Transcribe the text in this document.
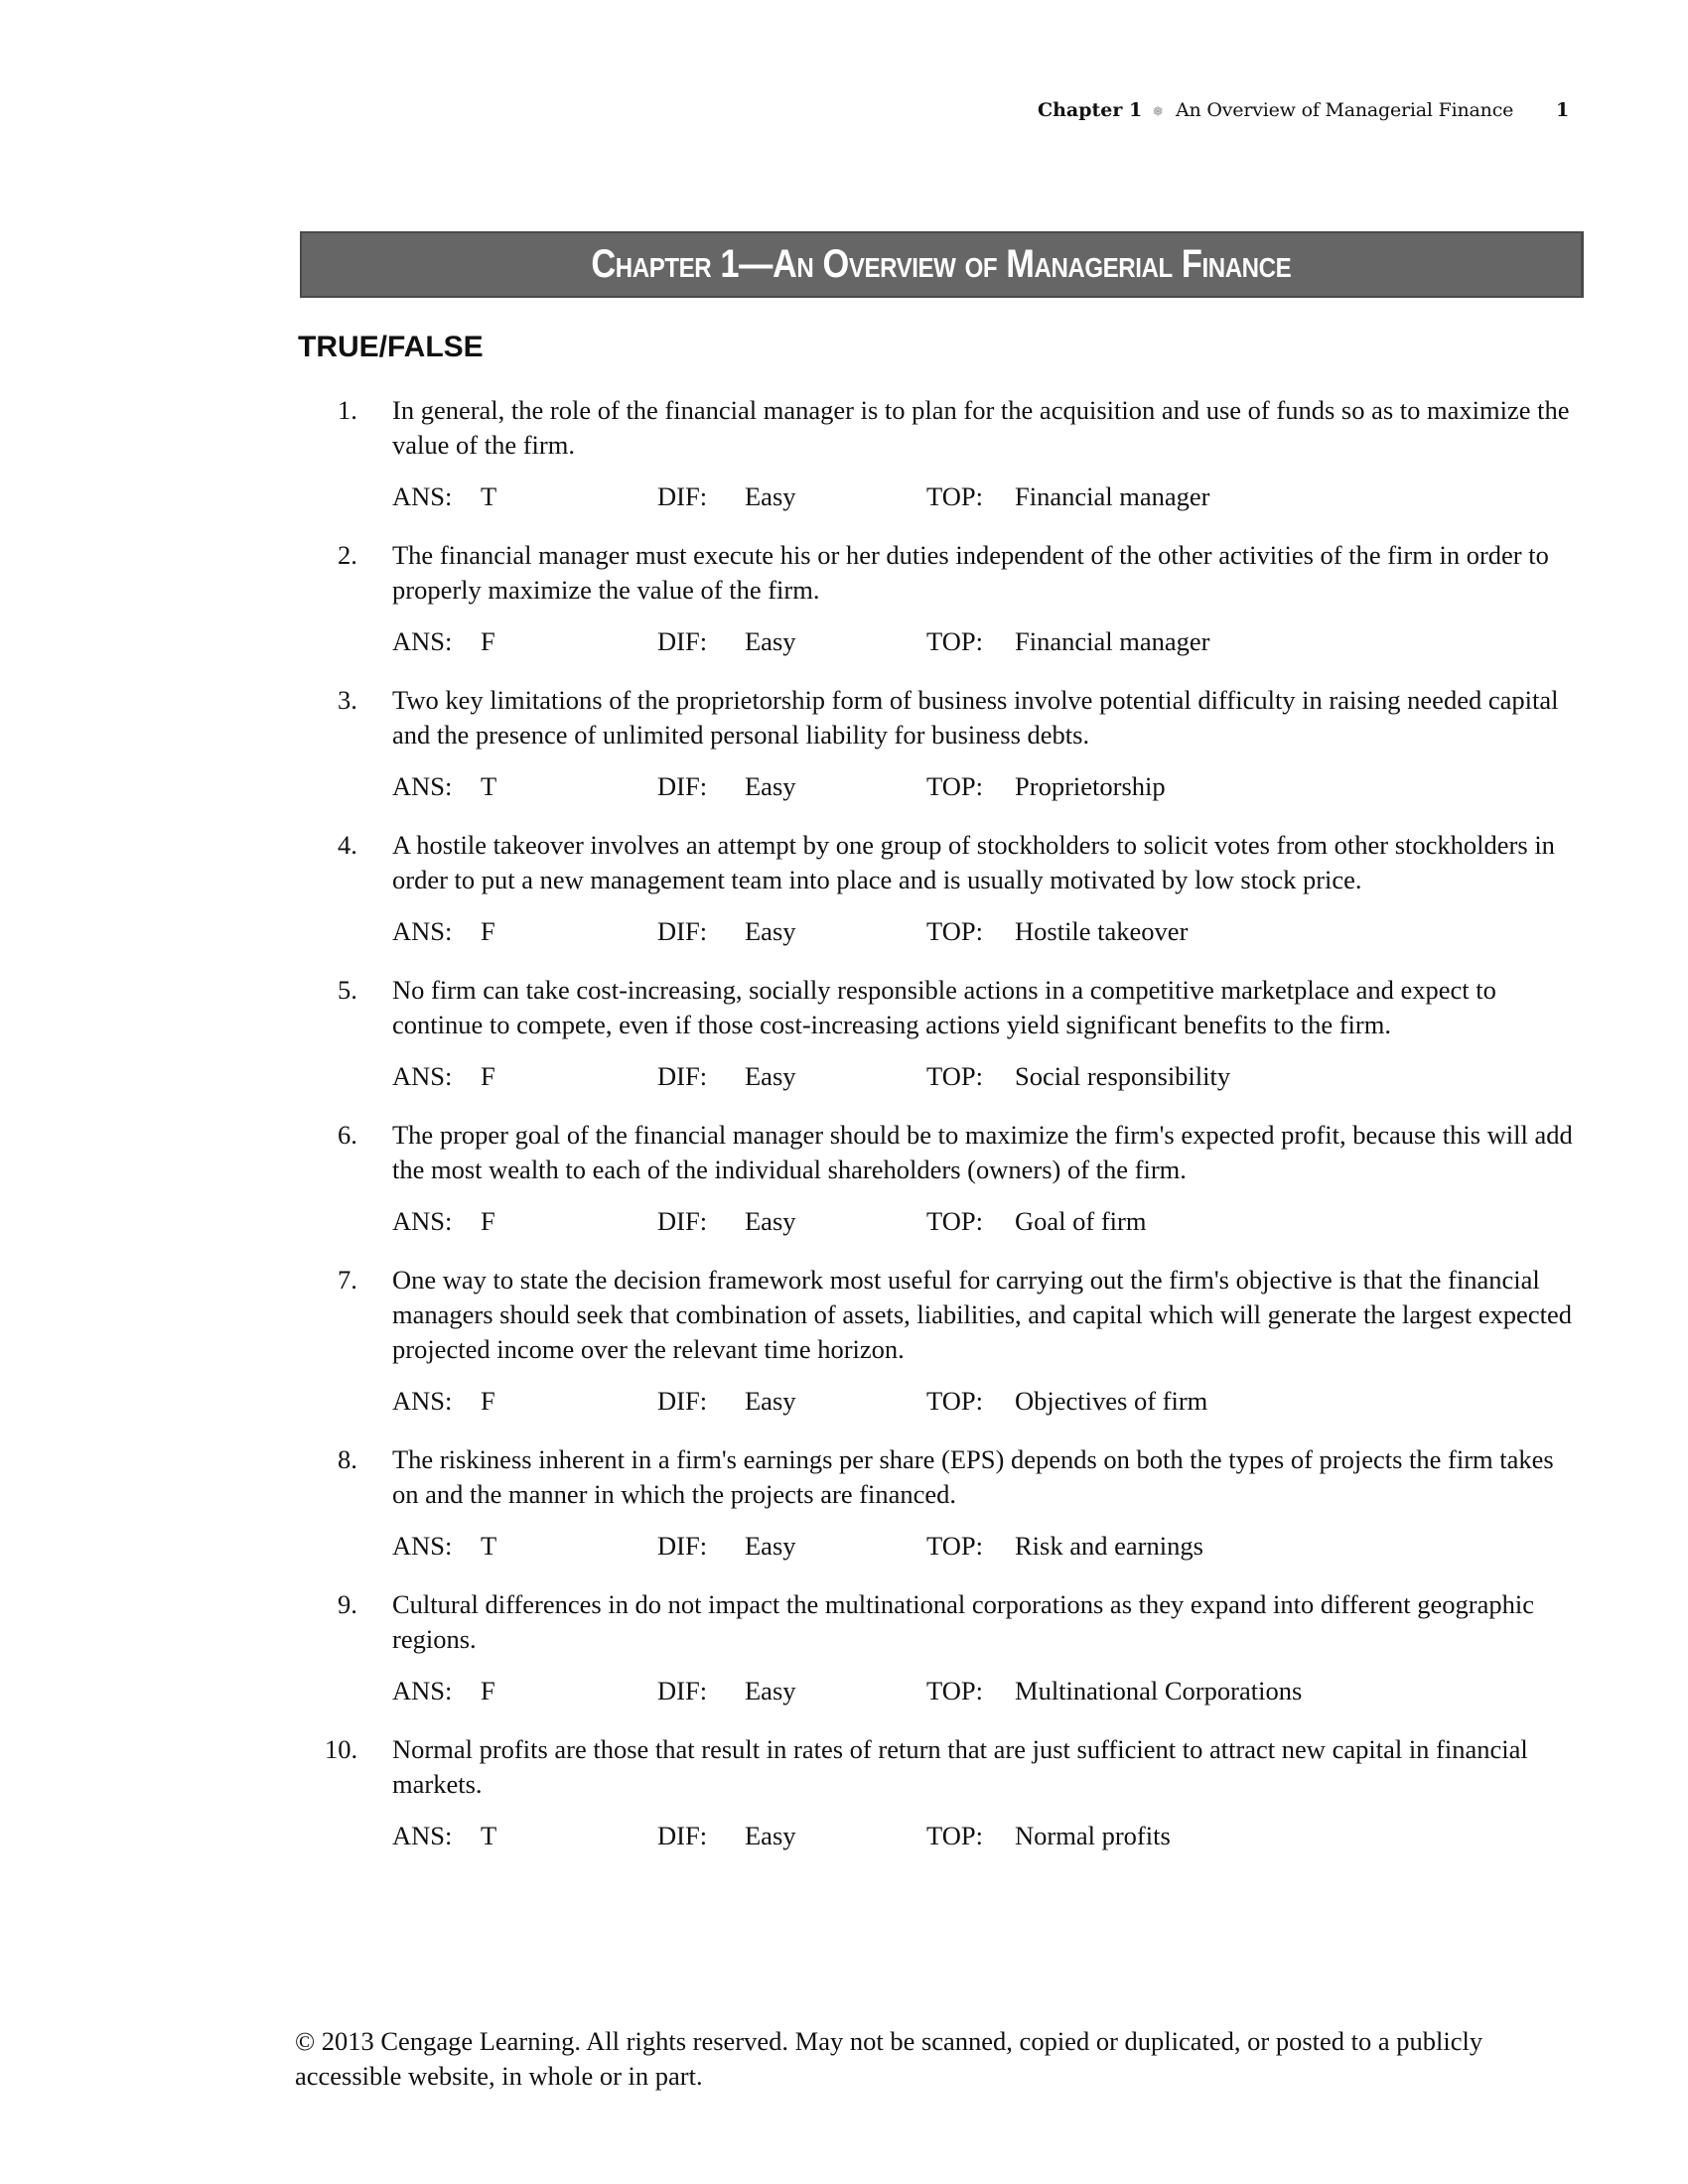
Chapter 1 ❅ An Overview of Managerial Finance 1
Chapter 1—An Overview of Managerial Finance
TRUE/FALSE
1.	In general, the role of the financial manager is to plan for the acquisition and use of funds so as to maximize the value of the firm.
ANS:	T	DIF:	Easy	TOP:	Financial manager
2.	The financial manager must execute his or her duties independent of the other activities of the firm in order to properly maximize the value of the firm.
ANS:	F	DIF:	Easy	TOP:	Financial manager
3.	Two key limitations of the proprietorship form of business involve potential difficulty in raising needed capital and the presence of unlimited personal liability for business debts.
ANS:	T	DIF:	Easy	TOP:	Proprietorship
4.	A hostile takeover involves an attempt by one group of stockholders to solicit votes from other stockholders in order to put a new management team into place and is usually motivated by low stock price.
ANS:	F	DIF:	Easy	TOP:	Hostile takeover
5.	No firm can take cost-increasing, socially responsible actions in a competitive marketplace and expect to continue to compete, even if those cost-increasing actions yield significant benefits to the firm.
ANS:	F	DIF:	Easy	TOP:	Social responsibility
6.	The proper goal of the financial manager should be to maximize the firm's expected profit, because this will add the most wealth to each of the individual shareholders (owners) of the firm.
ANS:	F	DIF:	Easy	TOP:	Goal of firm
7.	One way to state the decision framework most useful for carrying out the firm's objective is that the financial managers should seek that combination of assets, liabilities, and capital which will generate the largest expected projected income over the relevant time horizon.
ANS:	F	DIF:	Easy	TOP:	Objectives of firm
8.	The riskiness inherent in a firm's earnings per share (EPS) depends on both the types of projects the firm takes on and the manner in which the projects are financed.
ANS:	T	DIF:	Easy	TOP:	Risk and earnings
9.	Cultural differences in do not impact the multinational corporations as they expand into different geographic regions.
ANS:	F	DIF:	Easy	TOP:	Multinational Corporations
10.	Normal profits are those that result in rates of return that are just sufficient to attract new capital in financial markets.
ANS:	T	DIF:	Easy	TOP:	Normal profits
© 2013 Cengage Learning. All rights reserved. May not be scanned, copied or duplicated, or posted to a publicly accessible website, in whole or in part.
